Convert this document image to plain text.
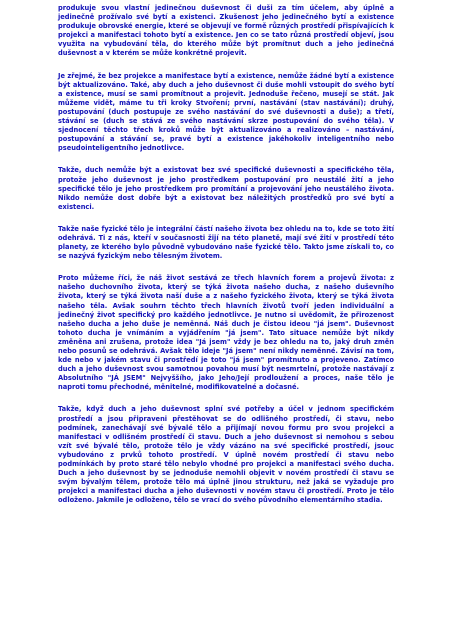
produkuje svou vlastní jedinečnou duševnost či duši za tím účelem, aby úplně a jedinečně prožívalo své bytí a existenci. Zkušenost jeho jedinečného bytí a existence produkuje obrovské energie, které se objevují ve formě různých prostředí přispívajících k projekci a manifestaci tohoto bytí a existence. Jen co se tato různá prostředí objeví, jsou využita na vybudování těla, do kterého může být promítnut duch a jeho jedinečná duševnost a v kterém se může konkrétně projevit.

Je zřejmé, že bez projekce a manifestace bytí a existence, nemůže žádné bytí a existence být aktualizováno. Také, aby duch a jeho duševnost či duše mohli vstoupit do svého bytí a existence, musí se sami promítnout a projevit. Jednoduše řečeno, musejí se stát. Jak můžeme vidět, máme tu tři kroky Stvoření; první, nastávání (stav nastávání); druhý, postupování (duch postupuje ze svého nastávání do své duševnosti a duše); a třetí, stávání se (duch se stává ze svého nastávání skrze postupování do svého těla). V sjednocení těchto třech kroků může být aktualizováno a realizováno – nastávání, postupování a stávání se, pravé bytí a existence jakéhokoliv inteligentního nebo pseudointeligentního jednotlivce.

Takže, duch nemůže být a existovat bez své specifické duševnosti a specifického těla, protože jeho duševnost je jeho prostředkem postupování pro neustálé žití a jeho specifické tělo je jeho prostředkem pro promítání a projevování jeho neustálého života. Nikdo nemůže dost dobře být a existovat bez náležitých prostředků pro své bytí a existenci.

Takže naše fyzické tělo je integrální částí našeho života bez ohledu na to, kde se toto žití odehrává. Ti z nás, kteří v současnosti žijí na této planetě, mají své žití v prostředí této planety, ze kterého bylo původně vybudováno naše fyzické tělo. Takto jsme získali to, co se nazývá fyzickým nebo tělesným životem.

Proto můžeme říci, že náš život sestává ze třech hlavních forem a projevů života: z našeho duchovního života, který se týká života našeho ducha, z našeho duševního života, který se týká života naší duše a z našeho fyzického života, který se týká života našeho těla. Avšak souhrn těchto třech hlavních životů tvoří jeden individuální a jedinečný život specifický pro každého jednotlivce. Je nutno si uvědomit, že přirozenost našeho ducha a jeho duše je neměnná. Náš duch je čistou ideou "já jsem". Duševnost tohoto ducha je vnímáním a vyjádřením "já jsem". Tato situace nemůže být nikdy změněna ani zrušena, protože idea "Já jsem" vždy je bez ohledu na to, jaký druh změn nebo posunů se odehrává. Avšak tělo ideje "Já jsem" není nikdy neměnné. Závisí na tom, kde nebo v jakém stavu či prostředí je toto "já jsem" promítnuto a projeveno. Zatímco duch a jeho duševnost svou samotnou povahou musí být nesmrtelní, protože nastávají z Absolutního "JÁ JSEM" Nejvyššího, jako Jeho/Její prodloužení a proces, naše tělo je naproti tomu přechodné, měnitelné, modifikovatelné a dočasné.

Takže, když duch a jeho duševnost splní své potřeby a účel v jednom specifickém prostředí a jsou připraveni přestěhovat se do odlišného prostředí, či stavu, nebo podmínek, zanechávají své bývalé tělo a přijímají novou formu pro svou projekci a manifestaci v odlišném prostředí či stavu. Duch a jeho duševnost si nemohou s sebou vzít své bývalé tělo, protože tělo je vždy vázáno na své specifické prostředí, jsouc vybudováno z prvků tohoto prostředí. V úplně novém prostředí či stavu nebo podmínkách by proto staré tělo nebylo vhodné pro projekci a manifestaci svého ducha. Duch a jeho duševnost by se jednoduše nemohli objevit v novém prostředí či stavu se svým bývalým tělem, protože tělo má úplně jinou strukturu, než jaká se vyžaduje pro projekci a manifestaci ducha a jeho duševnosti v novém stavu či prostředí. Proto je tělo odloženo. Jakmile je odloženo, tělo se vrací do svého původního elementárního stadia.
